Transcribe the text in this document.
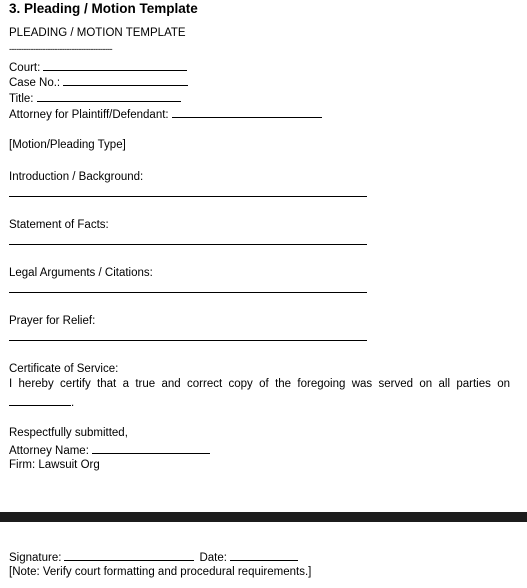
3. Pleading / Motion Template
PLEADING / MOTION TEMPLATE
-------------------------------------------
Court:
Case No.:
Title:
Attorney for Plaintiff/Defendant:
[Motion/Pleading Type]
Introduction / Background:
Statement of Facts:
Legal Arguments / Citations:
Prayer for Relief:
Certificate of Service:
I hereby certify that a true and correct copy of the foregoing was served on all parties on
.
Respectfully submitted,
Attorney Name:
Firm: Lawsuit Org
Signature:	Date:
[Note: Verify court formatting and procedural requirements.]
